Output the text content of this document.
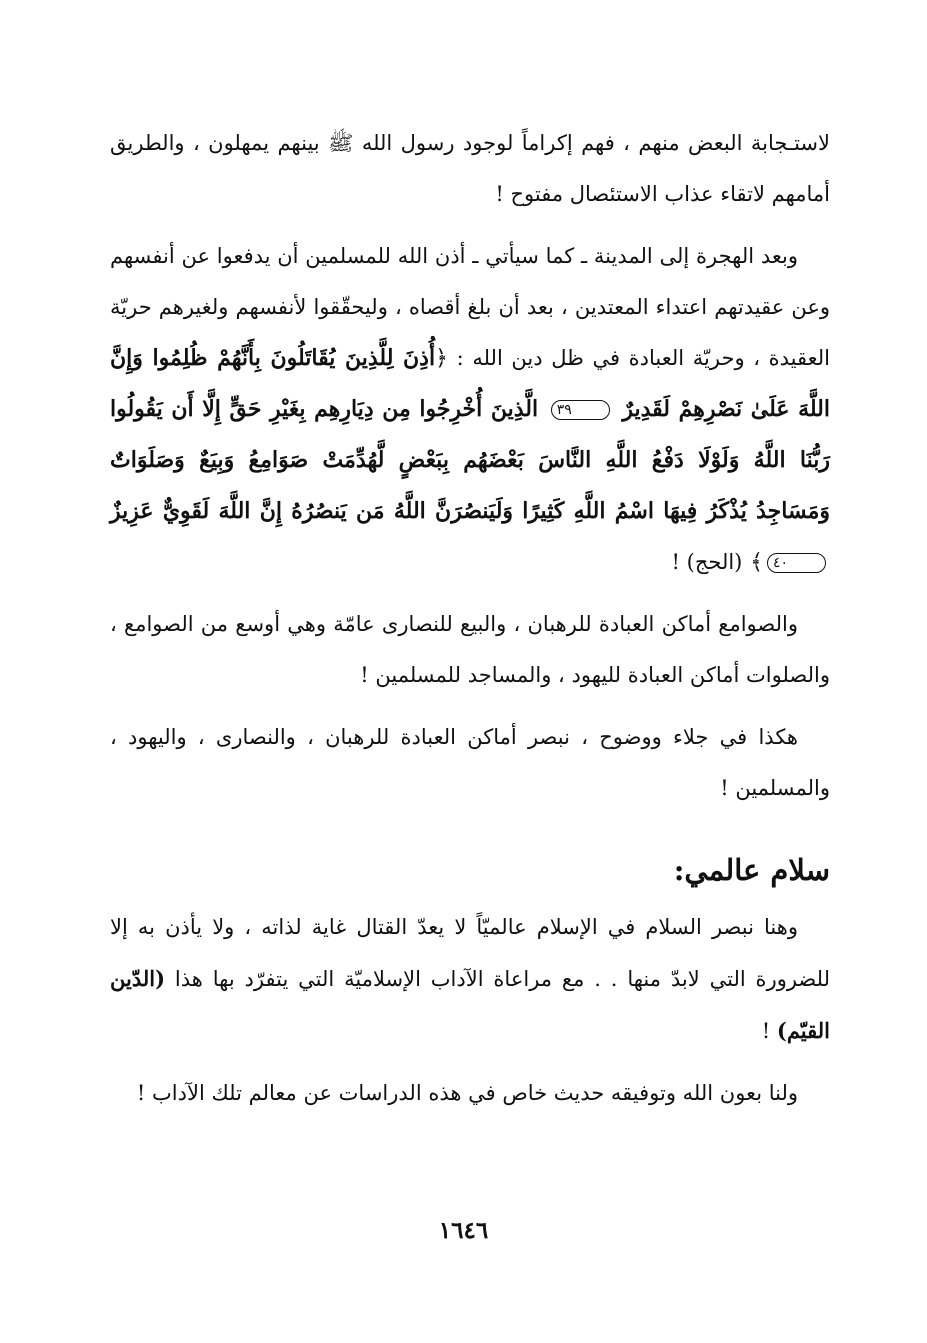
لاستـجابة البعض منهم ، فهم إكراماً لوجود رسول الله ﷺ بينهم يمهلون ، والطريق أمامهم لاتقاء عذاب الاستئصال مفتوح !

وبعد الهجرة إلى المدينة ـ كما سيأتي ـ أذن الله للمسلمين أن يدفعوا عن أنفسهم وعن عقيدتهم اعتداء المعتدين ، بعد أن بلغ أقصاه ، وليحقّقوا لأنفسهم ولغيرهم حريّة العقيدة ، وحريّة العبادة في ظل دين الله : ﴿أُذِنَ لِلَّذِينَ يُقَاتَلُونَ بِأَنَّهُمْ ظُلِمُوا وَإِنَّ اللَّهَ عَلَىٰ نَصْرِهِمْ لَقَدِيرٌ ٣٩ الَّذِينَ أُخْرِجُوا مِن دِيَارِهِم بِغَيْرِ حَقٍّ إِلَّا أَن يَقُولُوا رَبُّنَا اللَّهُ وَلَوْلَا دَفْعُ اللَّهِ النَّاسَ بَعْضَهُم بِبَعْضٍ لَّهُدِّمَتْ صَوَامِعُ وَبِيَعٌ وَصَلَوَاتٌ وَمَسَاجِدُ يُذْكَرُ فِيهَا اسْمُ اللَّهِ كَثِيرًا وَلَيَنصُرَنَّ اللَّهُ مَن يَنصُرُهُ إِنَّ اللَّهَ لَقَوِيٌّ عَزِيزٌ ٤٠﴾ (الحج) !

والصوامع أماكن العبادة للرهبان ، والبيع للنصارى عامّة وهي أوسع من الصوامع ، والصلوات أماكن العبادة لليهود ، والمساجد للمسلمين !

هكذا في جلاء ووضوح ، نبصر أماكن العبادة للرهبان ، والنصارى ، واليهود ، والمسلمين !

سلام عالمي:

وهنا نبصر السلام في الإسلام عالميّاً لا يعدّ القتال غاية لذاته ، ولا يأذن به إلا للضرورة التي لابدّ منها . . مع مراعاة الآداب الإسلاميّة التي يتفرّد بها هذا (الدّين القيّم) !

ولنا بعون الله وتوفيقه حديث خاص في هذه الدراسات عن معالم تلك الآداب !

١٦٤٦
